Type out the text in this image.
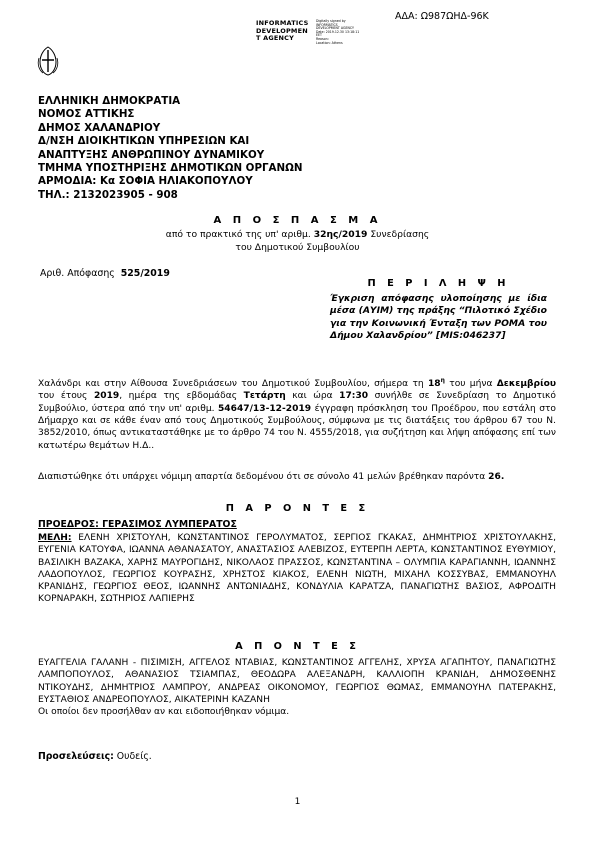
ΑΔΑ: Ω987ΩΗΔ-96Κ
INFORMATICS
DEVELOPMEN
T AGENCY
Digitally signed by
INFORMATICS
DEVELOPMENT AGENCY
Date: 2019.12.30 13:18:11
EET
Reason:
Location: Athens
ΕΛΛΗΝΙΚΗ ΔΗΜΟΚΡΑΤΙΑ
ΝΟΜΟΣ ΑΤΤΙΚΗΣ
ΔΗΜΟΣ ΧΑΛΑΝΔΡΙΟΥ
Δ/ΝΣΗ ΔΙΟΙΚΗΤΙΚΩΝ ΥΠΗΡΕΣΙΩΝ ΚΑΙ
ΑΝΑΠΤΥΞΗΣ ΑΝΘΡΩΠΙΝΟΥ ΔΥΝΑΜΙΚΟΥ
ΤΜΗΜΑ ΥΠΟΣΤΗΡΙΞΗΣ ΔΗΜΟΤΙΚΩΝ ΟΡΓΑΝΩΝ
ΑΡΜΟΔΙΑ: Κα ΣΟΦΙΑ ΗΛΙΑΚΟΠΟΥΛΟΥ
ΤΗΛ.: 2132023905 - 908
Α Π Ο Σ Π Α Σ Μ Α
από το πρακτικό της υπ' αριθμ. 32ης/2019 Συνεδρίασης
του Δημοτικού Συμβουλίου
Αριθ. Απόφασης 525/2019
Π Ε Ρ Ι Λ Η Ψ Η
Έγκριση απόφασης υλοποίησης με ίδια μέσα (ΑΥΙΜ) της πράξης “Πιλοτικό Σχέδιο για την Κοινωνική Ένταξη των ΡΟΜΑ του Δήμου Χαλανδρίου” [MIS:046237]
Χαλάνδρι και στην Αίθουσα Συνεδριάσεων του Δημοτικού Συμβουλίου, σήμερα τη $18^\eta$ του μήνα Δεκεμβρίου του έτους 2019, ημέρα της εβδομάδας Τετάρτη και ώρα 17:30 συνήλθε σε Συνεδρίαση το Δημοτικό Συμβούλιο, ύστερα από την υπ' αριθμ. 54647/13-12-2019 έγγραφη πρόσκληση του Προέδρου, που εστάλη στο Δήμαρχο και σε κάθε έναν από τους Δημοτικούς Συμβούλους, σύμφωνα με τις διατάξεις του άρθρου 67 του Ν. 3852/2010, όπως αντικαταστάθηκε με το άρθρο 74 του Ν. 4555/2018, για συζήτηση και λήψη απόφασης επί των κατωτέρω θεμάτων Η.Δ..
Διαπιστώθηκε ότι υπάρχει νόμιμη απαρτία δεδομένου ότι σε σύνολο 41 μελών βρέθηκαν παρόντα 26.
Π Α Ρ Ο Ν Τ Ε Σ
ΠΡΟΕΔΡΟΣ: ΓΕΡΑΣΙΜΟΣ ΛΥΜΠΕΡΑΤΟΣ
ΜΕΛΗ: ΕΛΕΝΗ ΧΡΙΣΤΟΥΛΗ, ΚΩΝΣΤΑΝΤΙΝΟΣ ΓΕΡΟΛΥΜΑΤΟΣ, ΣΕΡΓΙΟΣ ΓΚΑΚΑΣ, ΔΗΜΗΤΡΙΟΣ ΧΡΙΣΤΟΥΛΑΚΗΣ, ΕΥΓΕΝΙΑ ΚΑΤΟΥΦΑ, ΙΩΑΝΝΑ ΑΘΑΝΑΣΑΤΟΥ, ΑΝΑΣΤΑΣΙΟΣ ΑΛΕΒΙΖΟΣ, ΕΥΤΕΡΠΗ ΛΕΡΤΑ, ΚΩΝΣΤΑΝΤΙΝΟΣ ΕΥΘΥΜΙΟΥ, ΒΑΣΙΛΙΚΗ ΒΑΖΑΚΑ, ΧΑΡΗΣ ΜΑΥΡΟΓΙΔΗΣ, ΝΙΚΟΛΑΟΣ ΠΡΑΣΣΟΣ, ΚΩΝΣΤΑΝΤΙΝΑ – ΟΛΥΜΠΙΑ ΚΑΡΑΓΙΑΝΝΗ, ΙΩΑΝΝΗΣ ΛΑΔΟΠΟΥΛΟΣ, ΓΕΩΡΓΙΟΣ ΚΟΥΡΑΣΗΣ, ΧΡΗΣΤΟΣ ΚΙΑΚΟΣ, ΕΛΕΝΗ ΝΙΩΤΗ, ΜΙΧΑΗΛ ΚΟΣΣΥΒΑΣ, ΕΜΜΑΝΟΥΗΛ ΚΡΑΝΙΔΗΣ, ΓΕΩΡΓΙΟΣ ΘΕΟΣ, ΙΩΑΝΝΗΣ ΑΝΤΩΝΙΑΔΗΣ, ΚΟΝΔΥΛΙΑ ΚΑΡΑΤΖΑ, ΠΑΝΑΓΙΩΤΗΣ ΒΑΣΙΟΣ, ΑΦΡΟΔΙΤΗ ΚΟΡΝΑΡΑΚΗ, ΣΩΤΗΡΙΟΣ ΛΑΠΙΕΡΗΣ
Α Π Ο Ν Τ Ε Σ
ΕΥΑΓΓΕΛΙΑ ΓΑΛΑΝΗ - ΠΙΣΙΜΙΣΗ, ΑΓΓΕΛΟΣ ΝΤΑΒΙΑΣ, ΚΩΝΣΤΑΝΤΙΝΟΣ ΑΓΓΕΛΗΣ, ΧΡΥΣΑ ΑΓΑΠΗΤΟΥ, ΠΑΝΑΓΙΩΤΗΣ ΛΑΜΠΟΠΟΥΛΟΣ, ΑΘΑΝΑΣΙΟΣ ΤΣΙΑΜΠΑΣ, ΘΕΟΔΩΡΑ ΑΛΕΞΑΝΔΡΗ, ΚΑΛΛΙΟΠΗ ΚΡΑΝΙΔΗ, ΔΗΜΟΣΘΕΝΗΣ ΝΤΙΚΟΥΔΗΣ, ΔΗΜΗΤΡΙΟΣ ΛΑΜΠΡΟΥ, ΑΝΔΡΕΑΣ ΟΙΚΟΝΟΜΟΥ, ΓΕΩΡΓΙΟΣ ΘΩΜΑΣ, ΕΜΜΑΝΟΥΗΛ ΠΑΤΕΡΑΚΗΣ, ΕΥΣΤΑΘΙΟΣ ΑΝΔΡΕΟΠΟΥΛΟΣ, ΑΙΚΑΤΕΡΙΝΗ ΚΑΖΑΝΗ
Οι οποίοι δεν προσήλθαν αν και ειδοποιήθηκαν νόμιμα.
Προσελεύσεις: Ουδείς.
1
